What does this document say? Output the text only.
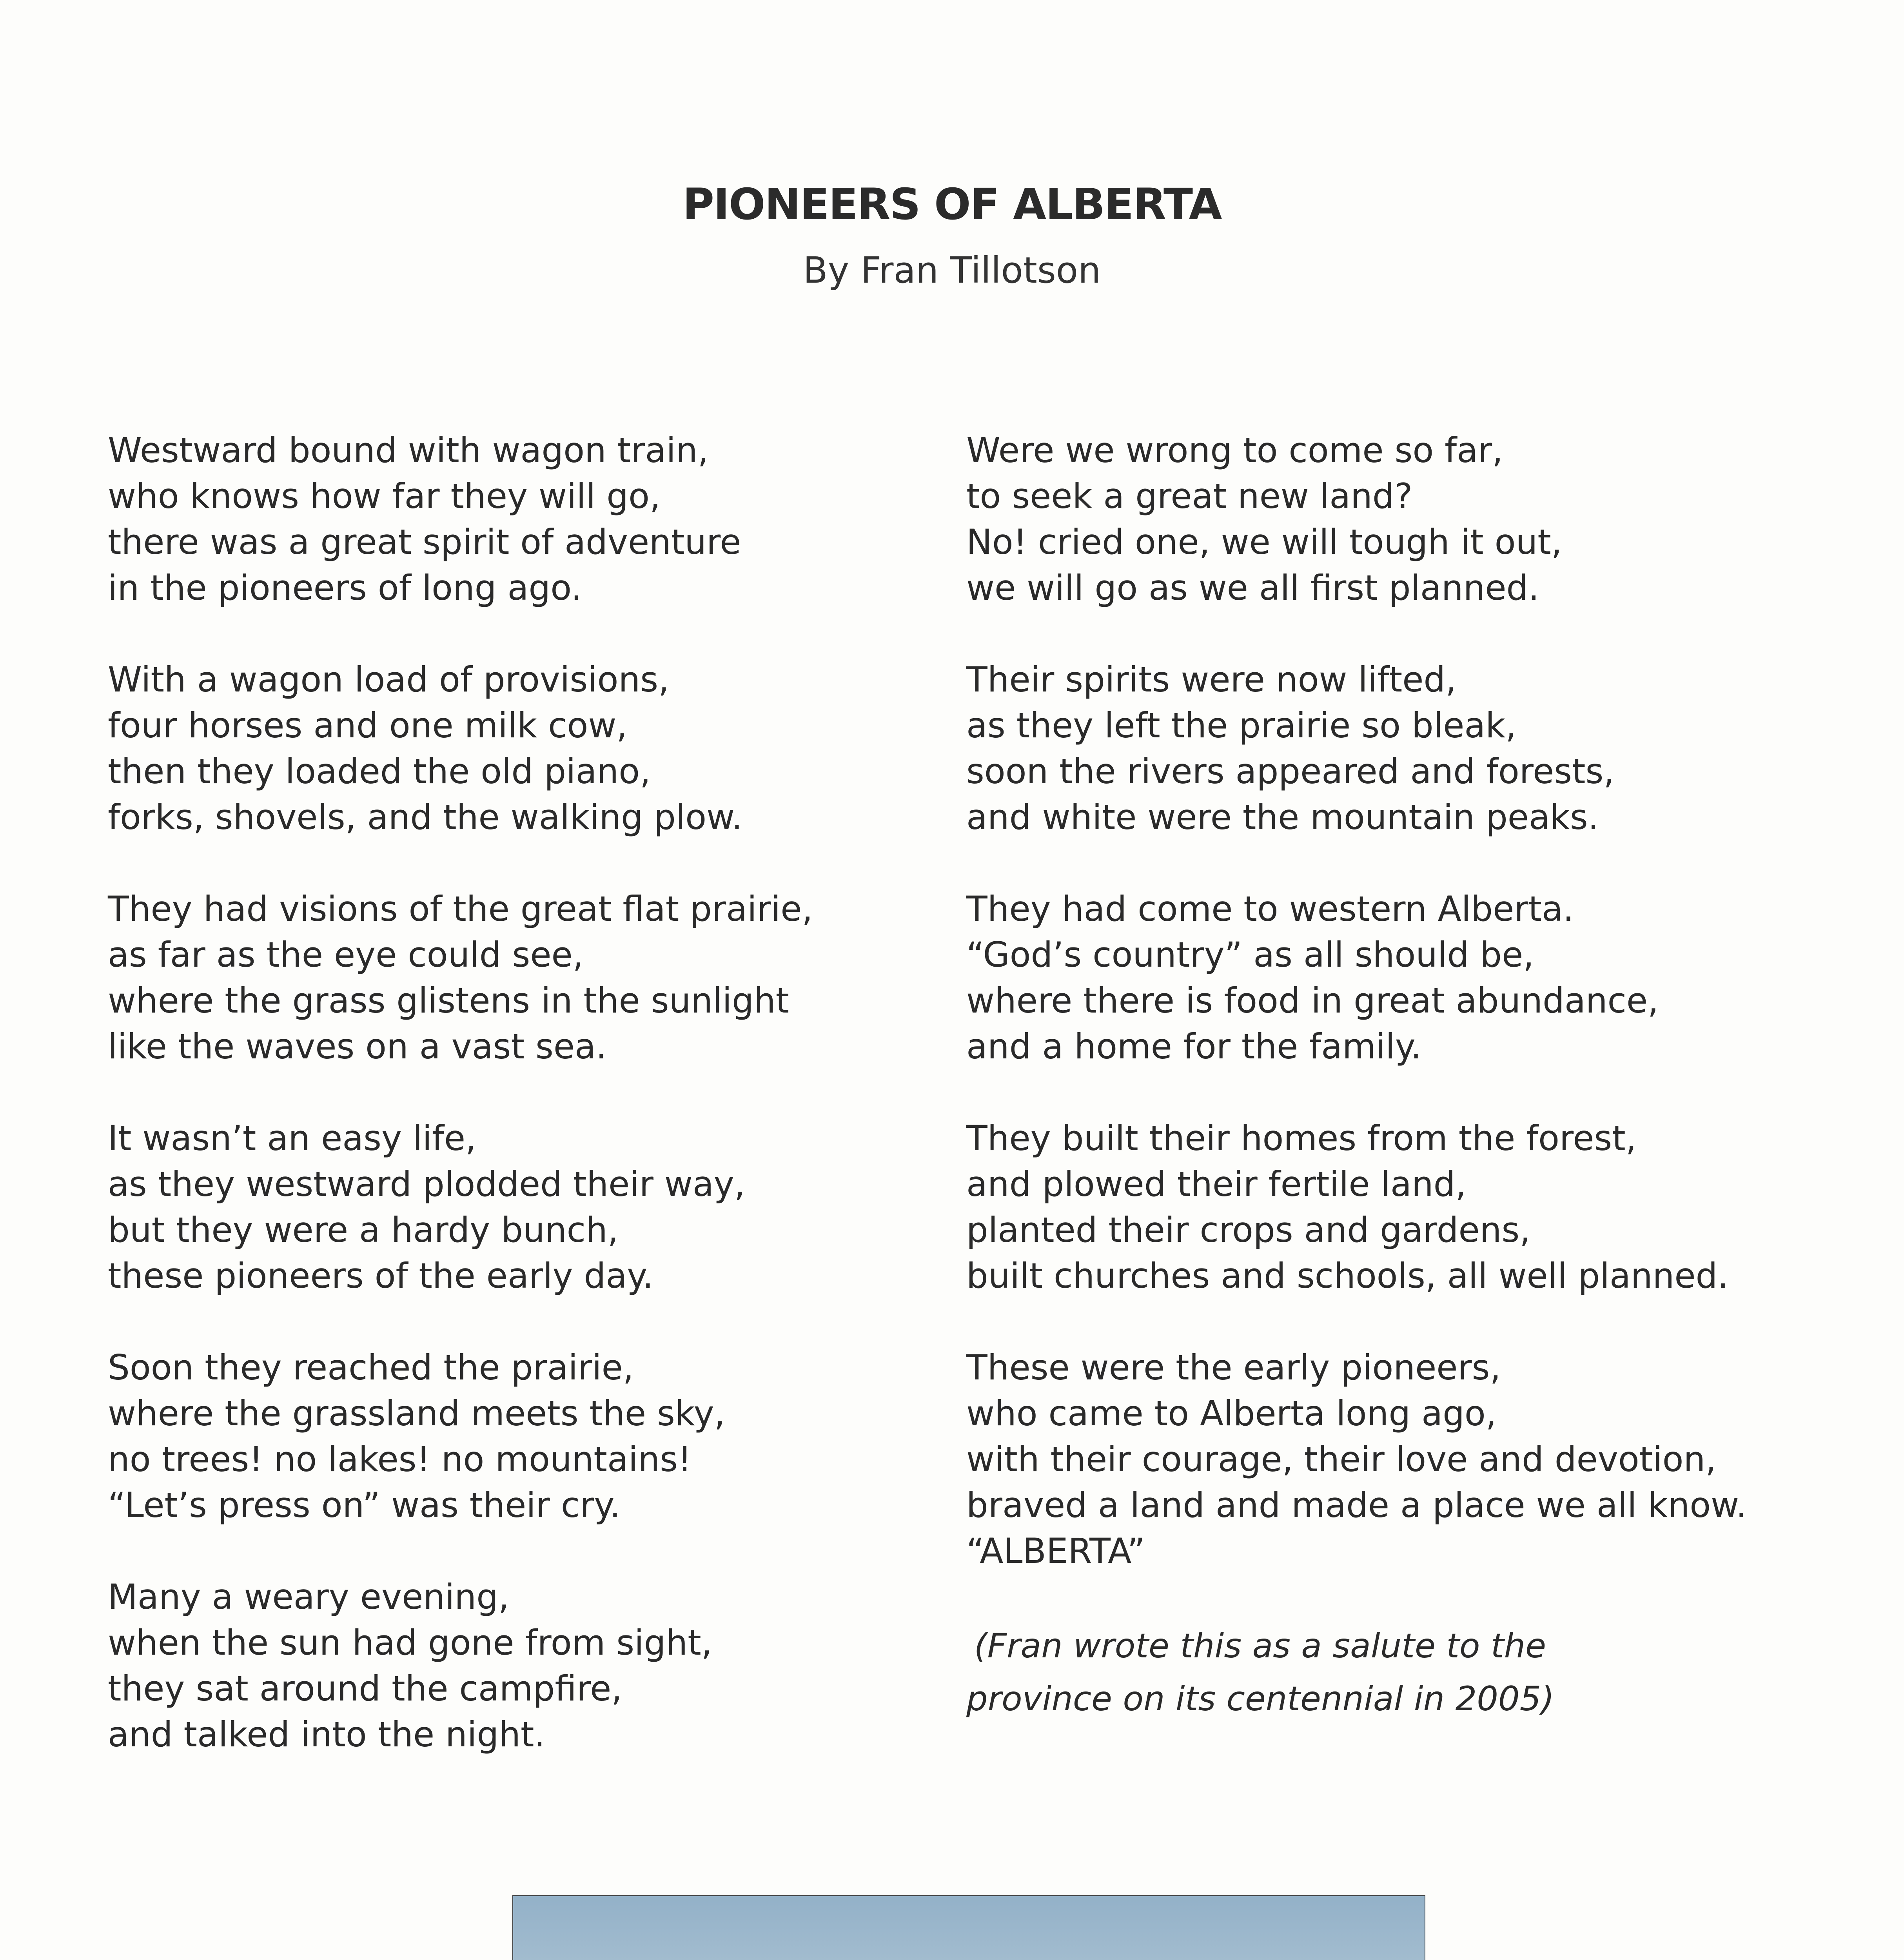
PIONEERS OF ALBERTA
By Fran Tillotson
Westward bound with wagon train,
who knows how far they will go,
there was a great spirit of adventure
in the pioneers of long ago.
With a wagon load of provisions,
four horses and one milk cow,
then they loaded the old piano,
forks, shovels, and the walking plow.
They had visions of the great flat prairie,
as far as the eye could see,
where the grass glistens in the sunlight
like the waves on a vast sea.
It wasn’t an easy life,
as they westward plodded their way,
but they were a hardy bunch,
these pioneers of the early day.
Soon they reached the prairie,
where the grassland meets the sky,
no trees! no lakes! no mountains!
“Let’s press on” was their cry.
Many a weary evening,
when the sun had gone from sight,
they sat around the campfire,
and talked into the night.
Were we wrong to come so far,
to seek a great new land?
No! cried one, we will tough it out,
we will go as we all first planned.
Their spirits were now lifted,
as they left the prairie so bleak,
soon the rivers appeared and forests,
and white were the mountain peaks.
They had come to western Alberta.
“God’s country” as all should be,
where there is food in great abundance,
and a home for the family.
They built their homes from the forest,
and plowed their fertile land,
planted their crops and gardens,
built churches and schools, all well planned.
These were the early pioneers,
who came to Alberta long ago,
with their courage, their love and devotion,
braved a land and made a place we all know.
“ALBERTA”
(Fran wrote this as a salute to the
province on its centennial in 2005)
